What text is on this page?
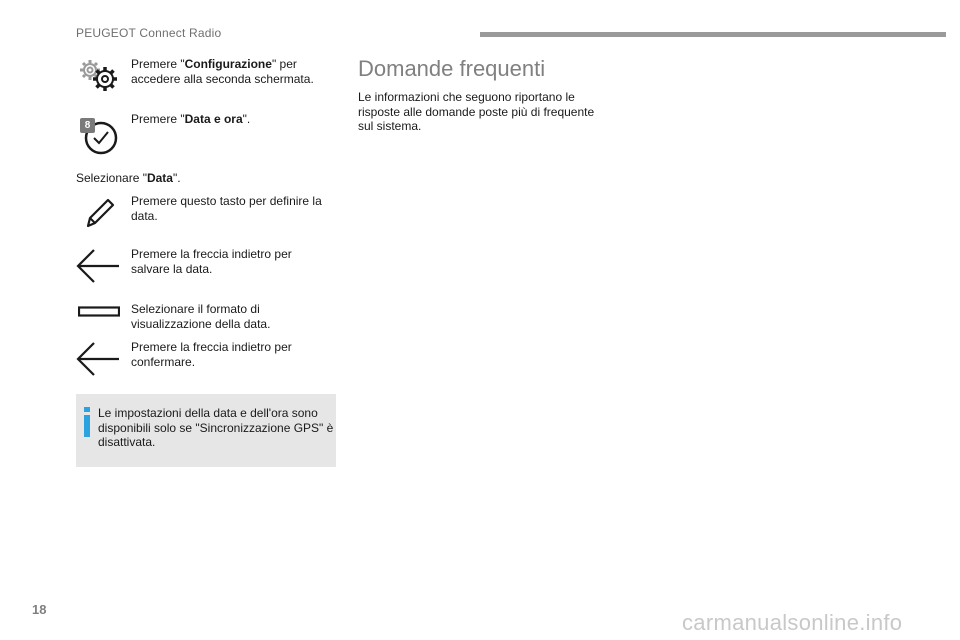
PEUGEOT Connect Radio
Premere "Configurazione" per accedere alla seconda schermata.
8	Premere "Data e ora".
Selezionare "Data".
Premere questo tasto per definire la data.
Premere la freccia indietro per salvare la data.
Selezionare il formato di visualizzazione della data.
Premere la freccia indietro per confermare.
Le impostazioni della data e dell'ora sono disponibili solo se "Sincronizzazione GPS" è disattivata.
Domande frequenti
Le informazioni che seguono riportano le risposte alle domande poste più di frequente sul sistema.
18
carmanualsonline.info
